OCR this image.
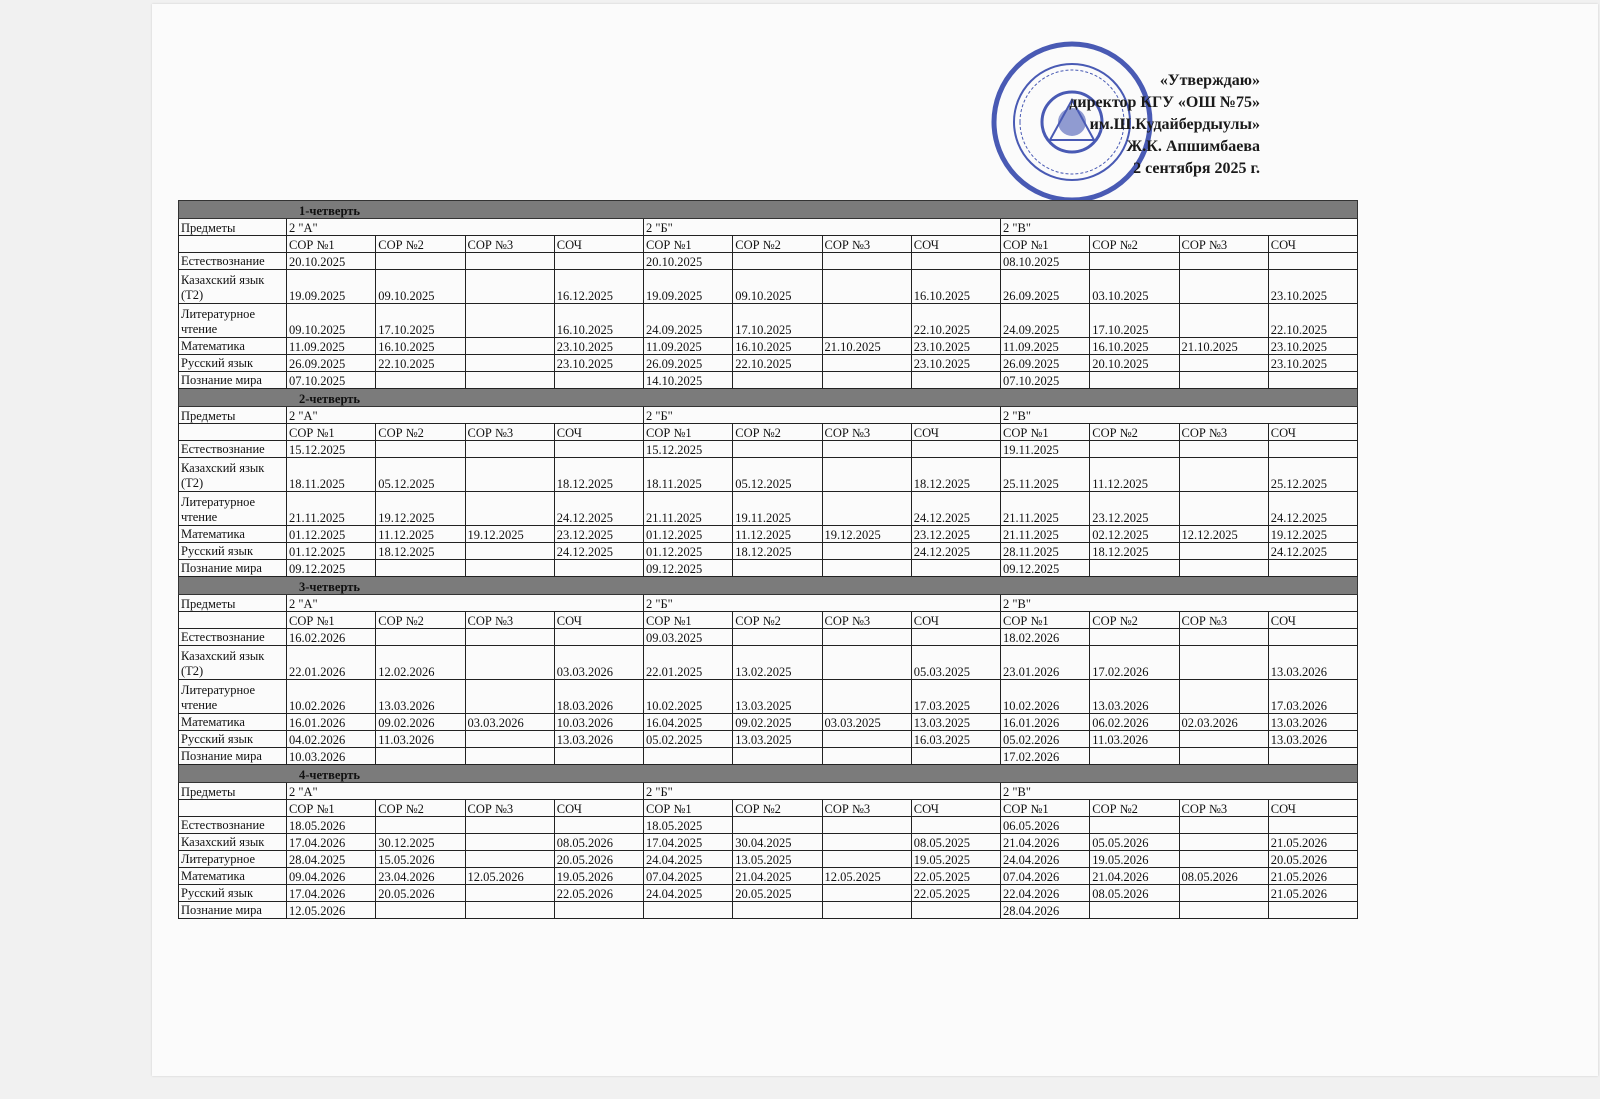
«Утверждаю»
директор КГУ «ОШ №75»
им.Ш.Кудайбердыулы»
Ж.К. Апшимбаева
2 сентября 2025 г.
1-четверть												
Предметы	2 "А"				2 "Б"				2 "В"			
	СОР №1	СОР №2	СОР №3	СОЧ	СОР №1	СОР №2	СОР №3	СОЧ	СОР №1	СОР №2	СОР №3	СОЧ
Естествознание	20.10.2025				20.10.2025				08.10.2025			
Казахский язык (Т2)	19.09.2025	09.10.2025		16.12.2025	19.09.2025	09.10.2025		16.10.2025	26.09.2025	03.10.2025		23.10.2025
Литературное чтение	09.10.2025	17.10.2025		16.10.2025	24.09.2025	17.10.2025		22.10.2025	24.09.2025	17.10.2025		22.10.2025
Математика	11.09.2025	16.10.2025		23.10.2025	11.09.2025	16.10.2025	21.10.2025	23.10.2025	11.09.2025	16.10.2025	21.10.2025	23.10.2025
Русский язык	26.09.2025	22.10.2025		23.10.2025	26.09.2025	22.10.2025		23.10.2025	26.09.2025	20.10.2025		23.10.2025
Познание мира	07.10.2025				14.10.2025				07.10.2025			
2-четверть												
Предметы	2 "А"				2 "Б"				2 "В"			
	СОР №1	СОР №2	СОР №3	СОЧ	СОР №1	СОР №2	СОР №3	СОЧ	СОР №1	СОР №2	СОР №3	СОЧ
Естествознание	15.12.2025				15.12.2025				19.11.2025			
Казахский язык (Т2)	18.11.2025	05.12.2025		18.12.2025	18.11.2025	05.12.2025		18.12.2025	25.11.2025	11.12.2025		25.12.2025
Литературное чтение	21.11.2025	19.12.2025		24.12.2025	21.11.2025	19.11.2025		24.12.2025	21.11.2025	23.12.2025		24.12.2025
Математика	01.12.2025	11.12.2025	19.12.2025	23.12.2025	01.12.2025	11.12.2025	19.12.2025	23.12.2025	21.11.2025	02.12.2025	12.12.2025	19.12.2025
Русский язык	01.12.2025	18.12.2025		24.12.2025	01.12.2025	18.12.2025		24.12.2025	28.11.2025	18.12.2025		24.12.2025
Познание мира	09.12.2025				09.12.2025				09.12.2025			
3-четверть												
Предметы	2 "А"				2 "Б"				2 "В"			
	СОР №1	СОР №2	СОР №3	СОЧ	СОР №1	СОР №2	СОР №3	СОЧ	СОР №1	СОР №2	СОР №3	СОЧ
Естествознание	16.02.2026				09.03.2025				18.02.2026			
Казахский язык (Т2)	22.01.2026	12.02.2026		03.03.2026	22.01.2025	13.02.2025		05.03.2025	23.01.2026	17.02.2026		13.03.2026
Литературное чтение	10.02.2026	13.03.2026		18.03.2026	10.02.2025	13.03.2025		17.03.2025	10.02.2026	13.03.2026		17.03.2026
Математика	16.01.2026	09.02.2026	03.03.2026	10.03.2026	16.04.2025	09.02.2025	03.03.2025	13.03.2025	16.01.2026	06.02.2026	02.03.2026	13.03.2026
Русский язык	04.02.2026	11.03.2026		13.03.2026	05.02.2025	13.03.2025		16.03.2025	05.02.2026	11.03.2026		13.03.2026
Познание мира	10.03.2026								17.02.2026			
4-четверть												
Предметы	2 "А"				2 "Б"				2 "В"			
	СОР №1	СОР №2	СОР №3	СОЧ	СОР №1	СОР №2	СОР №3	СОЧ	СОР №1	СОР №2	СОР №3	СОЧ
Естествознание	18.05.2026				18.05.2025				06.05.2026			
Казахский язык	17.04.2026	30.12.2025		08.05.2026	17.04.2025	30.04.2025		08.05.2025	21.04.2026	05.05.2026		21.05.2026
Литературное	28.04.2025	15.05.2026		20.05.2026	24.04.2025	13.05.2025		19.05.2025	24.04.2026	19.05.2026		20.05.2026
Математика	09.04.2026	23.04.2026	12.05.2026	19.05.2026	07.04.2025	21.04.2025	12.05.2025	22.05.2025	07.04.2026	21.04.2026	08.05.2026	21.05.2026
Русский язык	17.04.2026	20.05.2026		22.05.2026	24.04.2025	20.05.2025		22.05.2025	22.04.2026	08.05.2026		21.05.2026
Познание мира	12.05.2026								28.04.2026			
